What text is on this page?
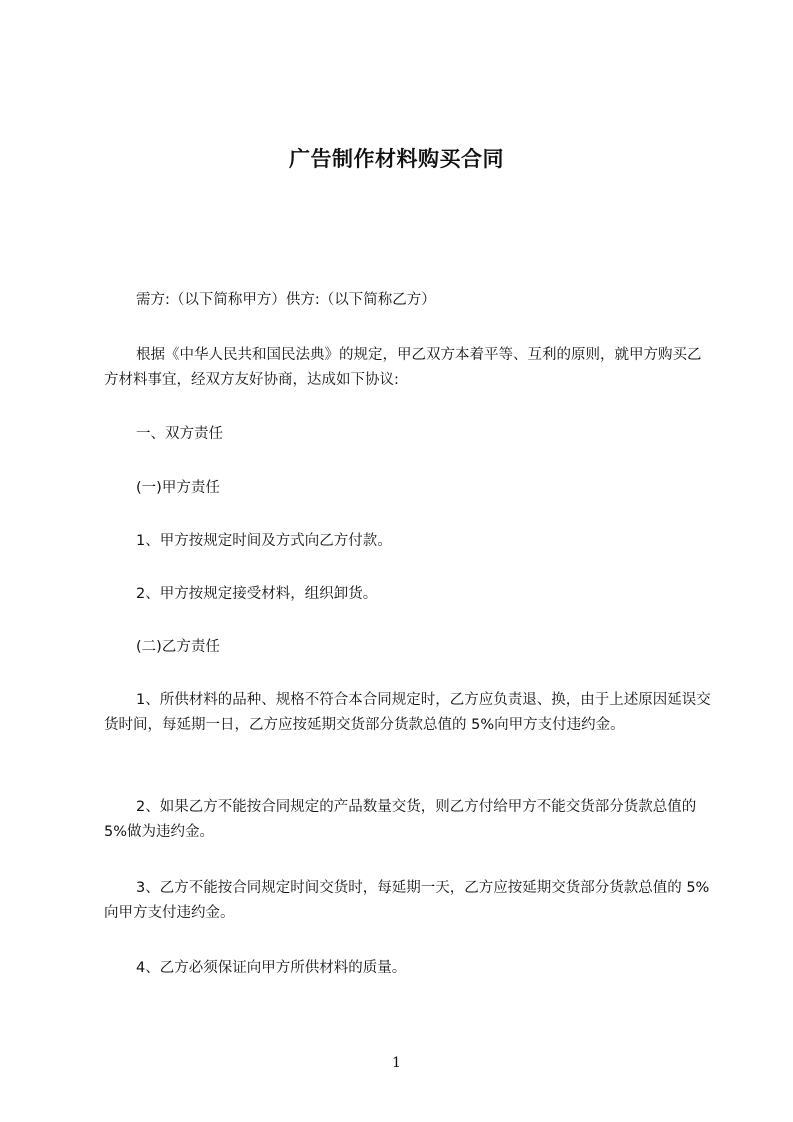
广告制作材料购买合同

需方:（以下简称甲方）供方:（以下简称乙方）

根据《中华人民共和国民法典》的规定，甲乙双方本着平等、互利的原则，就甲方购买乙方材料事宜，经双方友好协商，达成如下协议:

一、双方责任

(一)甲方责任

1、甲方按规定时间及方式向乙方付款。

2、甲方按规定接受材料，组织卸货。

(二)乙方责任

1、所供材料的品种、规格不符合本合同规定时，乙方应负责退、换，由于上述原因延误交货时间，每延期一日，乙方应按延期交货部分货款总值的 5%向甲方支付违约金。

2、如果乙方不能按合同规定的产品数量交货，则乙方付给甲方不能交货部分货款总值的 5%做为违约金。

3、乙方不能按合同规定时间交货时，每延期一天，乙方应按延期交货部分货款总值的 5%向甲方支付违约金。

4、乙方必须保证向甲方所供材料的质量。

1
